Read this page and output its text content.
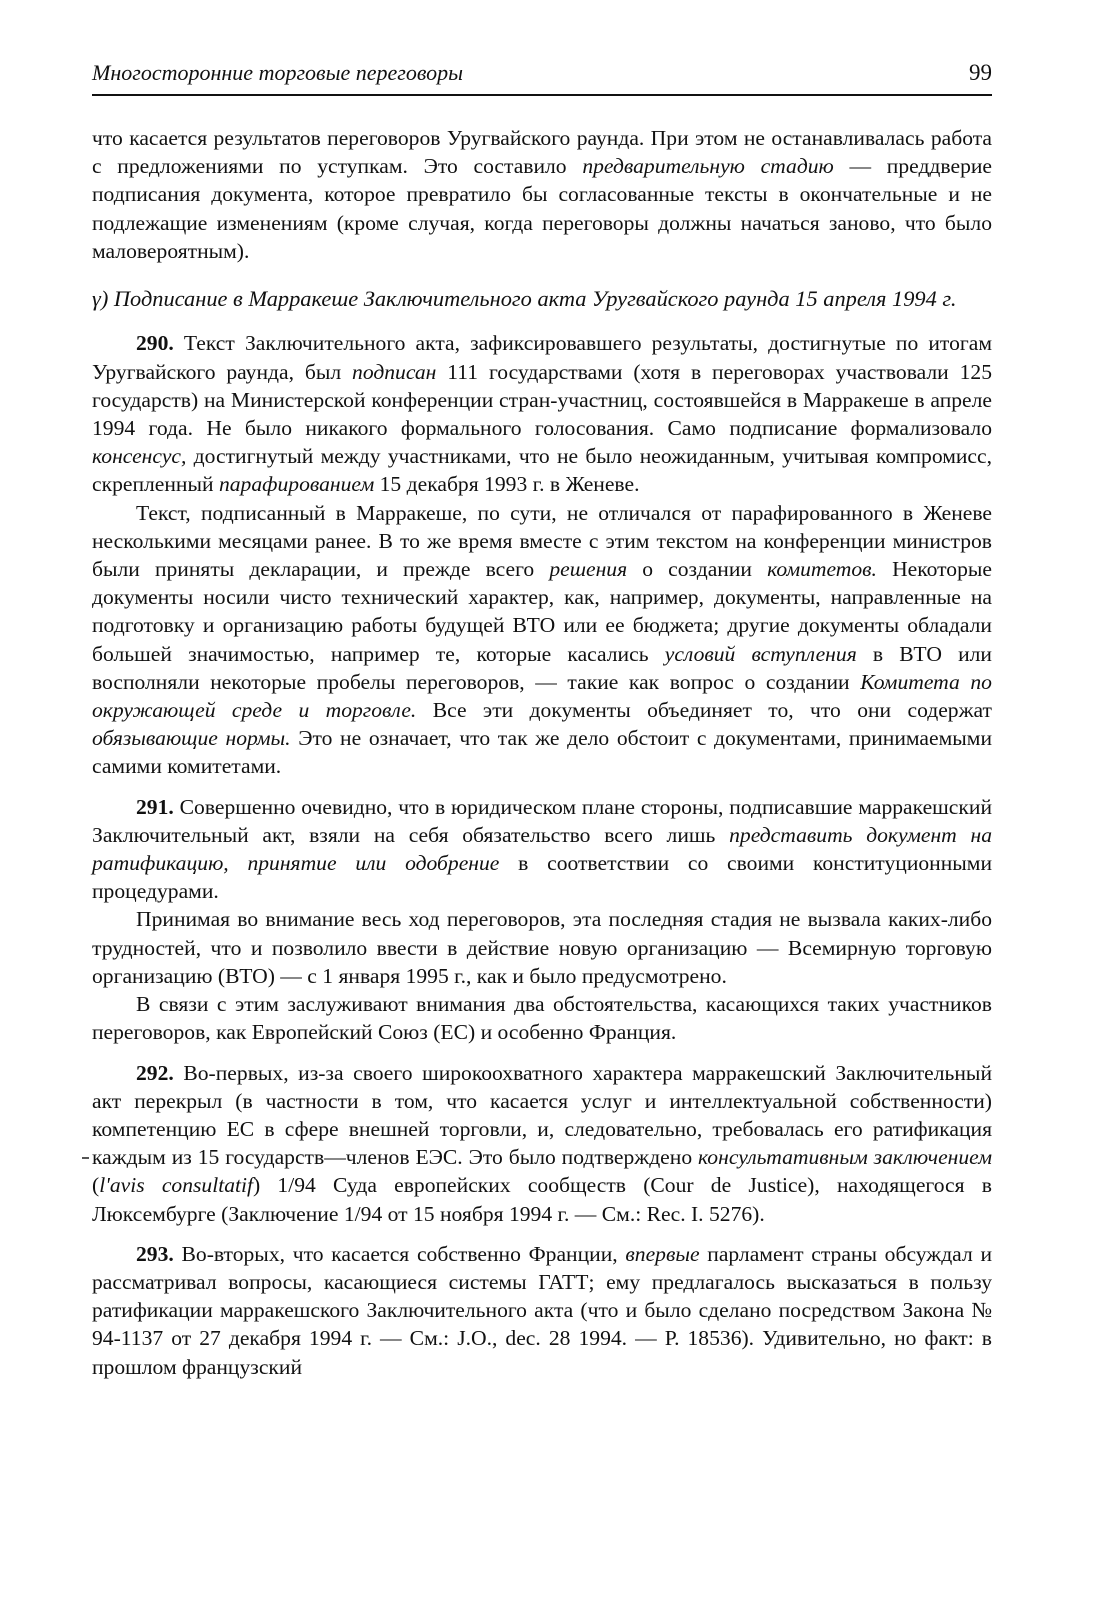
Многосторонние торговые переговоры	99

что касается результатов переговоров Уругвайского раунда. При этом не останавливалась работа с предложениями по уступкам. Это составило предварительную стадию — преддверие подписания документа, которое превратило бы согласованные тексты в окончательные и не подлежащие изменениям (кроме случая, когда переговоры должны начаться заново, что было маловероятным).

γ) Подписание в Марракеше Заключительного акта Уругвайского раунда 15 апреля 1994 г.

290. Текст Заключительного акта, зафиксировавшего результаты, достигнутые по итогам Уругвайского раунда, был подписан 111 государствами (хотя в переговорах участвовали 125 государств) на Министерской конференции стран-участниц, состоявшейся в Марракеше в апреле 1994 года. Не было никакого формального голосования. Само подписание формализовало консенсус, достигнутый между участниками, что не было неожиданным, учитывая компромисс, скрепленный парафированием 15 декабря 1993 г. в Женеве.

Текст, подписанный в Марракеше, по сути, не отличался от парафированного в Женеве несколькими месяцами ранее. В то же время вместе с этим текстом на конференции министров были приняты декларации, и прежде всего решения о создании комитетов. Некоторые документы носили чисто технический характер, как, например, документы, направленные на подготовку и организацию работы будущей ВТО или ее бюджета; другие документы обладали большей значимостью, например те, которые касались условий вступления в ВТО или восполняли некоторые пробелы переговоров, — такие как вопрос о создании Комитета по окружающей среде и торговле. Все эти документы объединяет то, что они содержат обязывающие нормы. Это не означает, что так же дело обстоит с документами, принимаемыми самими комитетами.

291. Совершенно очевидно, что в юридическом плане стороны, подписавшие марракешский Заключительный акт, взяли на себя обязательство всего лишь представить документ на ратификацию, принятие или одобрение в соответствии со своими конституционными процедурами.

Принимая во внимание весь ход переговоров, эта последняя стадия не вызвала каких-либо трудностей, что и позволило ввести в действие новую организацию — Всемирную торговую организацию (ВТО) — с 1 января 1995 г., как и было предусмотрено.

В связи с этим заслуживают внимания два обстоятельства, касающихся таких участников переговоров, как Европейский Союз (ЕС) и особенно Франция.

292. Во-первых, из-за своего широкоохватного характера марракешский Заключительный акт перекрыл (в частности в том, что касается услуг и интеллектуальной собственности) компетенцию ЕС в сфере внешней торговли, и, следовательно, требовалась его ратификация каждым из 15 государств—членов ЕЭС. Это было подтверждено консультативным заключением (l'avis consultatif) 1/94 Суда европейских сообществ (Cour de Justice), находящегося в Люксембурге (Заключение 1/94 от 15 ноября 1994 г. — См.: Rec. I. 5276).

293. Во-вторых, что касается собственно Франции, впервые парламент страны обсуждал и рассматривал вопросы, касающиеся системы ГАТТ; ему предлагалось высказаться в пользу ратификации марракешского Заключительного акта (что и было сделано посредством Закона № 94-1137 от 27 декабря 1994 г. — См.: J.O., dec. 28 1994. — Р. 18536). Удивительно, но факт: в прошлом французский
